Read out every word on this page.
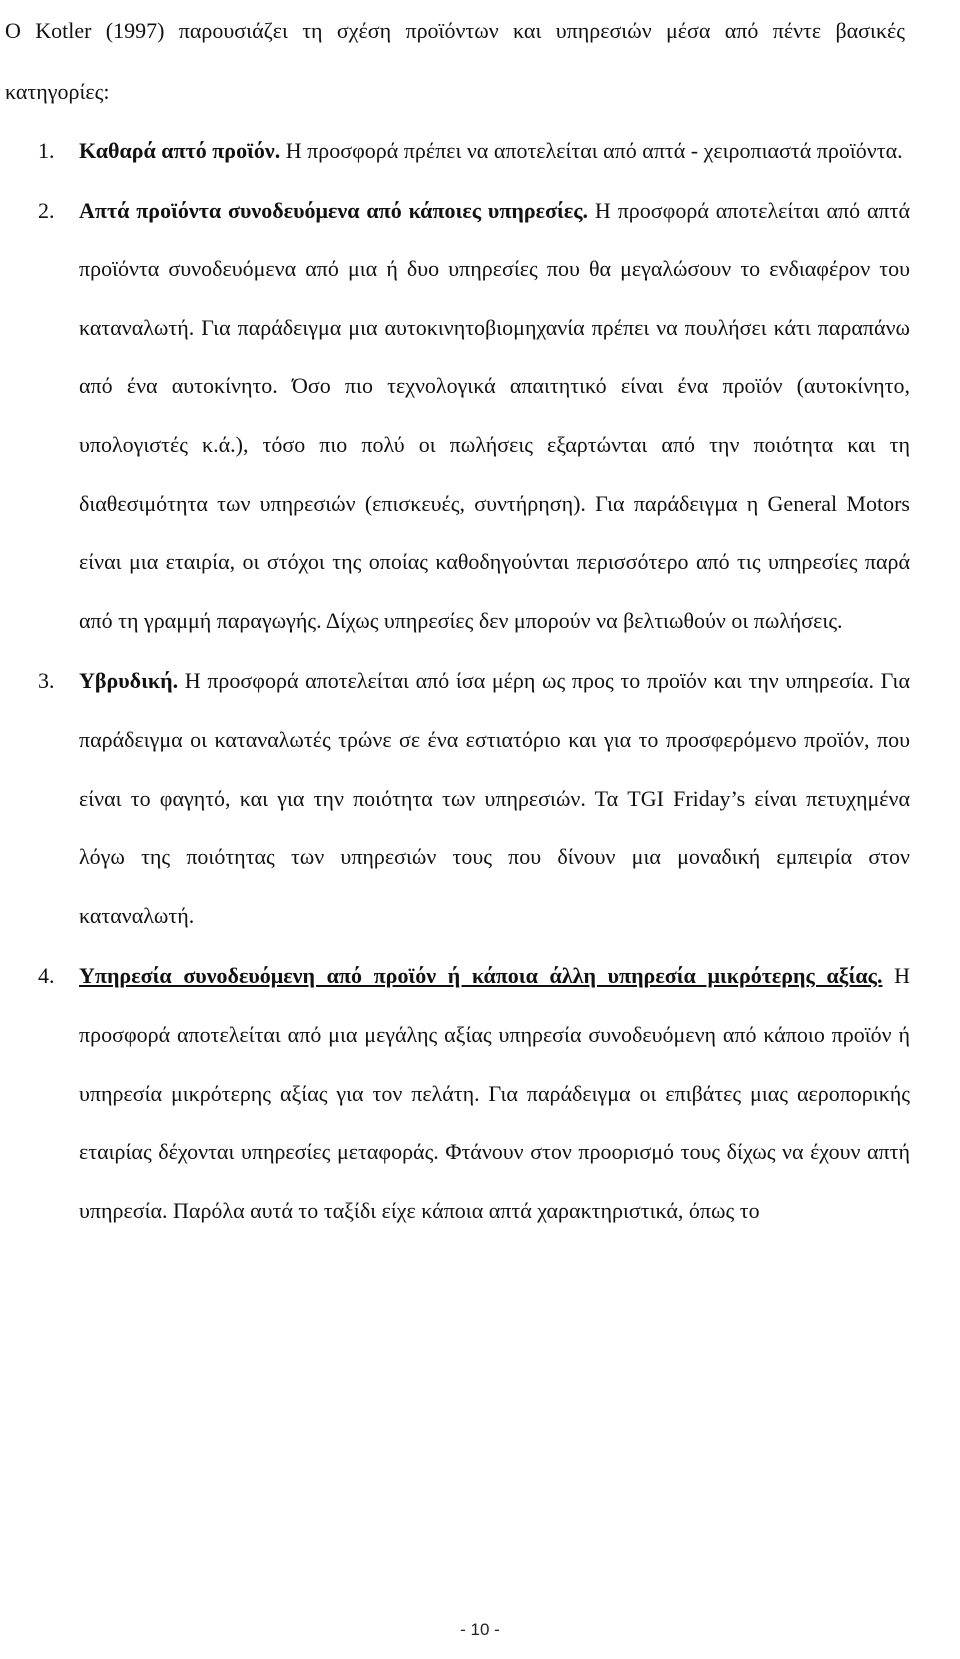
Ο Kotler (1997) παρουσιάζει τη σχέση προϊόντων και υπηρεσιών μέσα από πέντε βασικές κατηγορίες:

1. Καθαρά απτό προϊόν. Η προσφορά πρέπει να αποτελείται από απτά - χειροπιαστά προϊόντα.
2. Απτά προϊόντα συνοδευόμενα από κάποιες υπηρεσίες. Η προσφορά αποτελείται από απτά προϊόντα συνοδευόμενα από μια ή δυο υπηρεσίες που θα μεγαλώσουν το ενδιαφέρον του καταναλωτή. Για παράδειγμα μια αυτοκινητοβιομηχανία πρέπει να πουλήσει κάτι παραπάνω από ένα αυτοκίνητο. Όσο πιο τεχνολογικά απαιτητικό είναι ένα προϊόν (αυτοκίνητο, υπολογιστές κ.ά.), τόσο πιο πολύ οι πωλήσεις εξαρτώνται από την ποιότητα και τη διαθεσιμότητα των υπηρεσιών (επισκευές, συντήρηση). Για παράδειγμα η General Motors είναι μια εταιρία, οι στόχοι της οποίας καθοδηγούνται περισσότερο από τις υπηρεσίες παρά από τη γραμμή παραγωγής. Δίχως υπηρεσίες δεν μπορούν να βελτιωθούν οι πωλήσεις.
3. Υβρυδική. Η προσφορά αποτελείται από ίσα μέρη ως προς το προϊόν και την υπηρεσία. Για παράδειγμα οι καταναλωτές τρώνε σε ένα εστιατόριο και για το προσφερόμενο προϊόν, που είναι το φαγητό, και για την ποιότητα των υπηρεσιών. Τα TGI Friday’s είναι πετυχημένα λόγω της ποιότητας των υπηρεσιών τους που δίνουν μια μοναδική εμπειρία στον καταναλωτή.
4. Υπηρεσία συνοδευόμενη από προϊόν ή κάποια άλλη υπηρεσία μικρότερης αξίας. Η προσφορά αποτελείται από μια μεγάλης αξίας υπηρεσία συνοδευόμενη από κάποιο προϊόν ή υπηρεσία μικρότερης αξίας για τον πελάτη. Για παράδειγμα οι επιβάτες μιας αεροπορικής εταιρίας δέχονται υπηρεσίες μεταφοράς. Φτάνουν στον προορισμό τους δίχως να έχουν απτή υπηρεσία. Παρόλα αυτά το ταξίδι είχε κάποια απτά χαρακτηριστικά, όπως το
- 10 -
